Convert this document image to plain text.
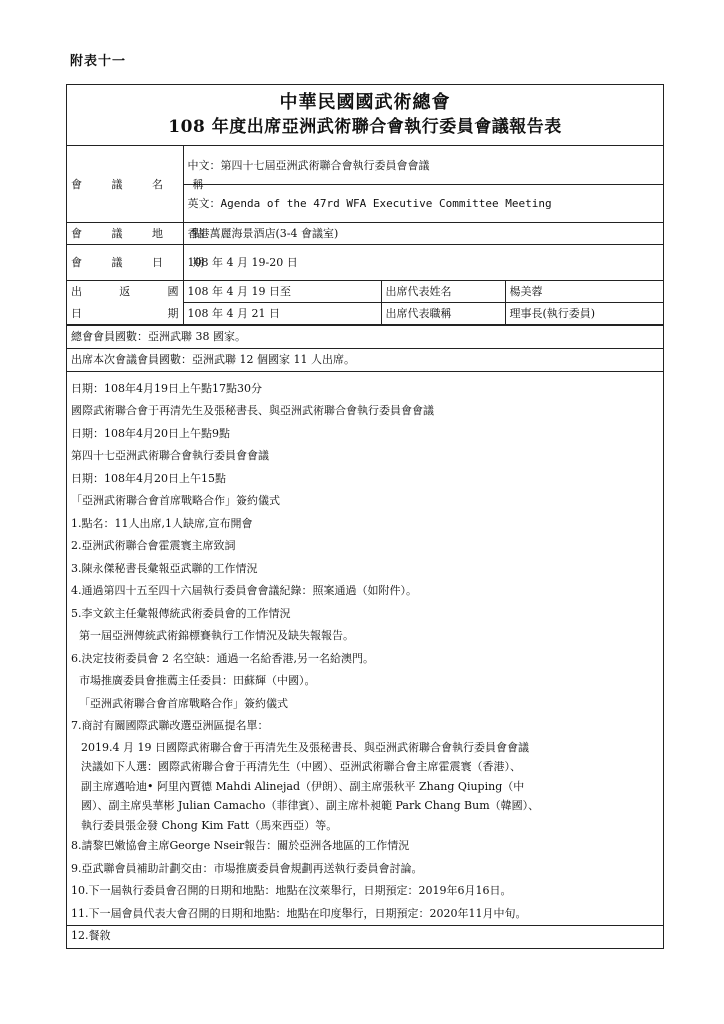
附表十一
中華民國國武術總會
108 年度出席亞洲武術聯合會執行委員會議報告表
會 議 名 稱	中文：第四十七屆亞洲武術聯合會執行委員會會議		
	英文：Agenda of the 47rd WFA Executive Committee Meeting		
會 議 地 點	香港萬麗海景酒店(3-4 會議室)		
會 議 日 期	108 年 4 月 19-20 日		

出 返 國	108 年 4 月 19 日至	出席代表姓名	楊美蓉

日 期	108 年 4 月 21 日	出席代表職稱	理事長(執行委員)
總會會員國數：亞洲武聯 38 國家。
出席本次會議會員國數：亞洲武聯 12 個國家 11 人出席。
日期：108年4月19日上午點17點30分
國際武術聯合會于再清先生及張秘書長、與亞洲武術聯合會執行委員會會議
日期：108年4月20日上午點9點
第四十七亞洲武術聯合會執行委員會會議
日期：108年4月20日上午15點
「亞洲武術聯合會首席戰略合作」簽約儀式
1.點名：11人出席,1人缺席,宣布開會
2.亞洲武術聯合會霍震寰主席致詞
3.陳永傑秘書長彙報亞武聯的工作情況
4.通過第四十五至四十六屆執行委員會會議紀錄：照案通過（如附件）。
5.李文欽主任彙報傳統武術委員會的工作情況
第一屆亞洲傳統武術錦標賽執行工作情況及缺失報報告。
6.決定技術委員會 2 名空缺：通過一名給香港,另一名給澳門。
市場推廣委員會推薦主任委員：田蘇輝（中國）。
「亞洲武術聯合會首席戰略合作」簽約儀式
7.商討有關國際武聯改選亞洲區提名單：
2019.4 月 19 日國際武術聯合會于再清先生及張秘書長、與亞洲武術聯合會執行委員會會議
決議如下人選：國際武術聯合會于再清先生（中國）、亞洲武術聯合會主席霍震寰（香港）、
副主席邁哈迪• 阿里內賈德 Mahdi Alinejad（伊朗）、副主席張秋平 Zhang Qiuping（中
國）、副主席吳華彬 Julian Camacho（菲律賓）、副主席朴昶範 Park Chang Bum（韓國）、
執行委員張金發 Chong Kim Fatt（馬來西亞）等。
8.請黎巴嫩協會主席George Nseir報告：關於亞洲各地區的工作情況
9.亞武聯會員補助計劃交由：市場推廣委員會規劃再送執行委員會討論。
10.下一屆執行委員會召開的日期和地點：地點在汶萊舉行，日期預定：2019年6月16日。
11.下一屆會員代表大會召開的日期和地點：地點在印度舉行，日期預定：2020年11月中旬。
12.餐敘
